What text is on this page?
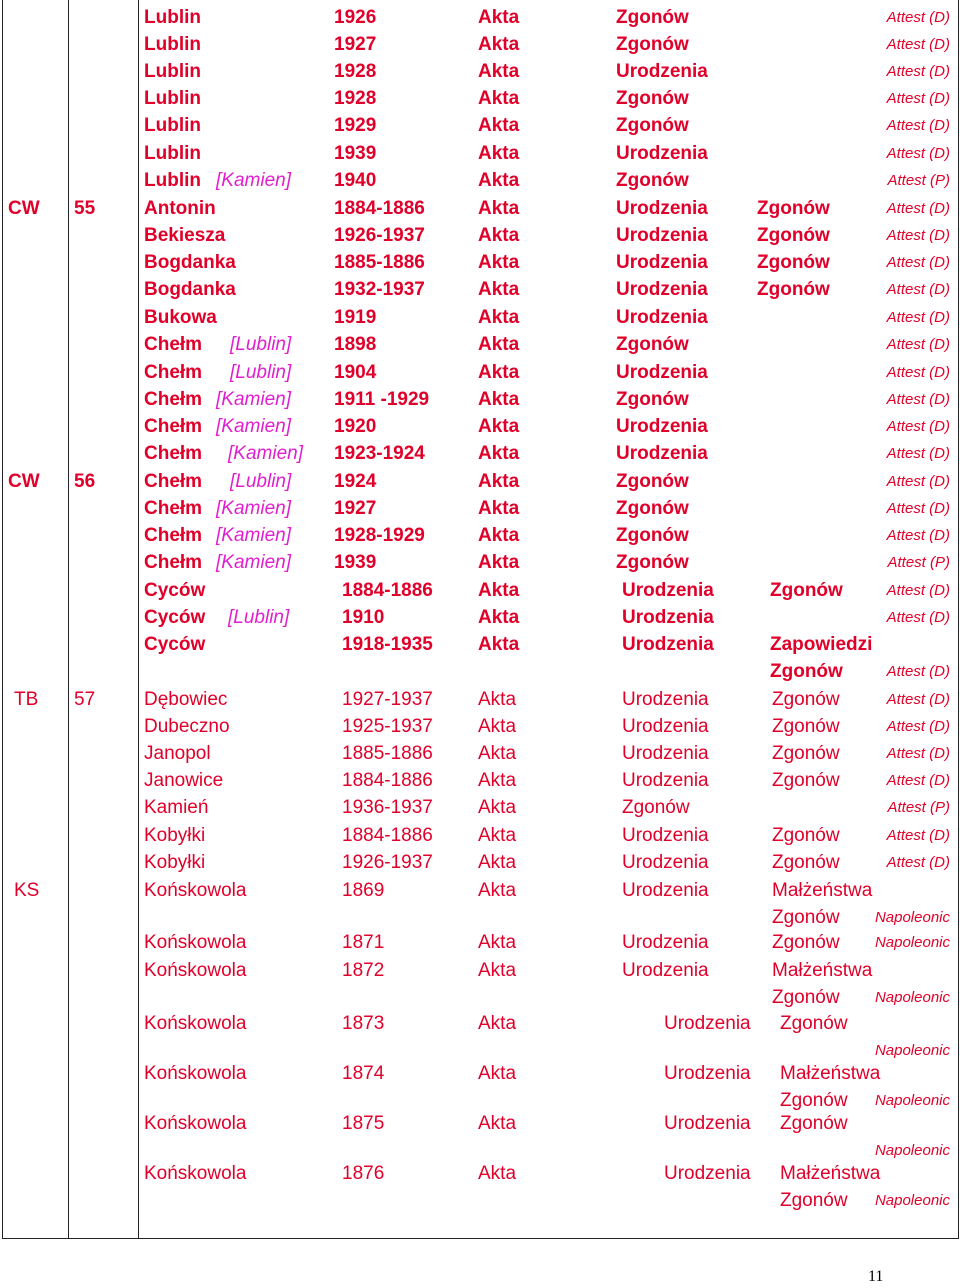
Lublin	1926	Akta	Zgonów	Attest (D)
Lublin	1927	Akta	Zgonów	Attest (D)
Lublin	1928	Akta	Urodzenia	Attest (D)
Lublin	1928	Akta	Zgonów	Attest (D)
Lublin	1929	Akta	Zgonów	Attest (D)
Lublin	1939	Akta	Urodzenia	Attest (D)
Lublin [Kamien] 1940	Akta	Zgonów	Attest (P)
CW 55	Antonin	1884-1886	Akta	Urodzenia	Zgonów	Attest (D)
Bekiesza	1926-1937	Akta	Urodzenia	Zgonów	Attest (D)
Bogdanka	1885-1886	Akta	Urodzenia	Zgonów	Attest (D)
Bogdanka	1932-1937	Akta	Urodzenia	Zgonów	Attest (D)
Bukowa	1919	Akta	Urodzenia	Attest (D)
Chełm [Lublin] 1898	Akta	Zgonów	Attest (D)
Chełm [Lublin] 1904	Akta	Urodzenia	Attest (D)
Chełm [Kamien] 1911 -1929	Akta	Zgonów	Attest (D)
Chełm [Kamien] 1920	Akta	Urodzenia	Attest (D)
Chełm [Kamien] 1923-1924	Akta	Urodzenia	Attest (D)
CW 56	Chełm [Lublin] 1924	Akta	Zgonów	Attest (D)
Chełm [Kamien] 1927	Akta	Zgonów	Attest (D)
Chełm [Kamien] 1928-1929	Akta	Zgonów	Attest (D)
Chełm [Kamien] 1939	Akta	Zgonów	Attest (P)
Cyców	1884-1886 Akta	Urodzenia	Zgonów	Attest (D)
Cyców [Lublin]	1910	Akta	Urodzenia	Attest (D)
Cyców	1918-1935 Akta	Urodzenia	Zapowiedzi
Zgonów	Attest (D)
TB 57	Dębowiec	1927-1937 Akta	Urodzenia	Zgonów	Attest (D)
Dubeczno	1925-1937 Akta	Urodzenia	Zgonów	Attest (D)
Janopol	1885-1886 Akta	Urodzenia	Zgonów	Attest (D)
Janowice	1884-1886 Akta	Urodzenia	Zgonów	Attest (D)
Kamień	1936-1937 Akta	Zgonów	Attest (P)
Kobyłki	1884-1886 Akta	Urodzenia	Zgonów	Attest (D)
Kobyłki	1926-1937 Akta	Urodzenia	Zgonów	Attest (D)
KS	Końskowola	1869	Akta	Urodzenia	Małżeństwa
Zgonów Napoleonic
Końskowola	1871	Akta	Urodzenia	Zgonów Napoleonic
Końskowola	1872	Akta	Urodzenia	Małżeństwa
Zgonów Napoleonic
Końskowola	1873	Akta	Urodzenia Zgonów
Napoleonic
Końskowola	1874	Akta	Urodzenia Małżeństwa
Zgonów Napoleonic
Końskowola	1875	Akta	Urodzenia Zgonów
Napoleonic
Końskowola	1876	Akta	Urodzenia Małżeństwa
Zgonów Napoleonic
11
